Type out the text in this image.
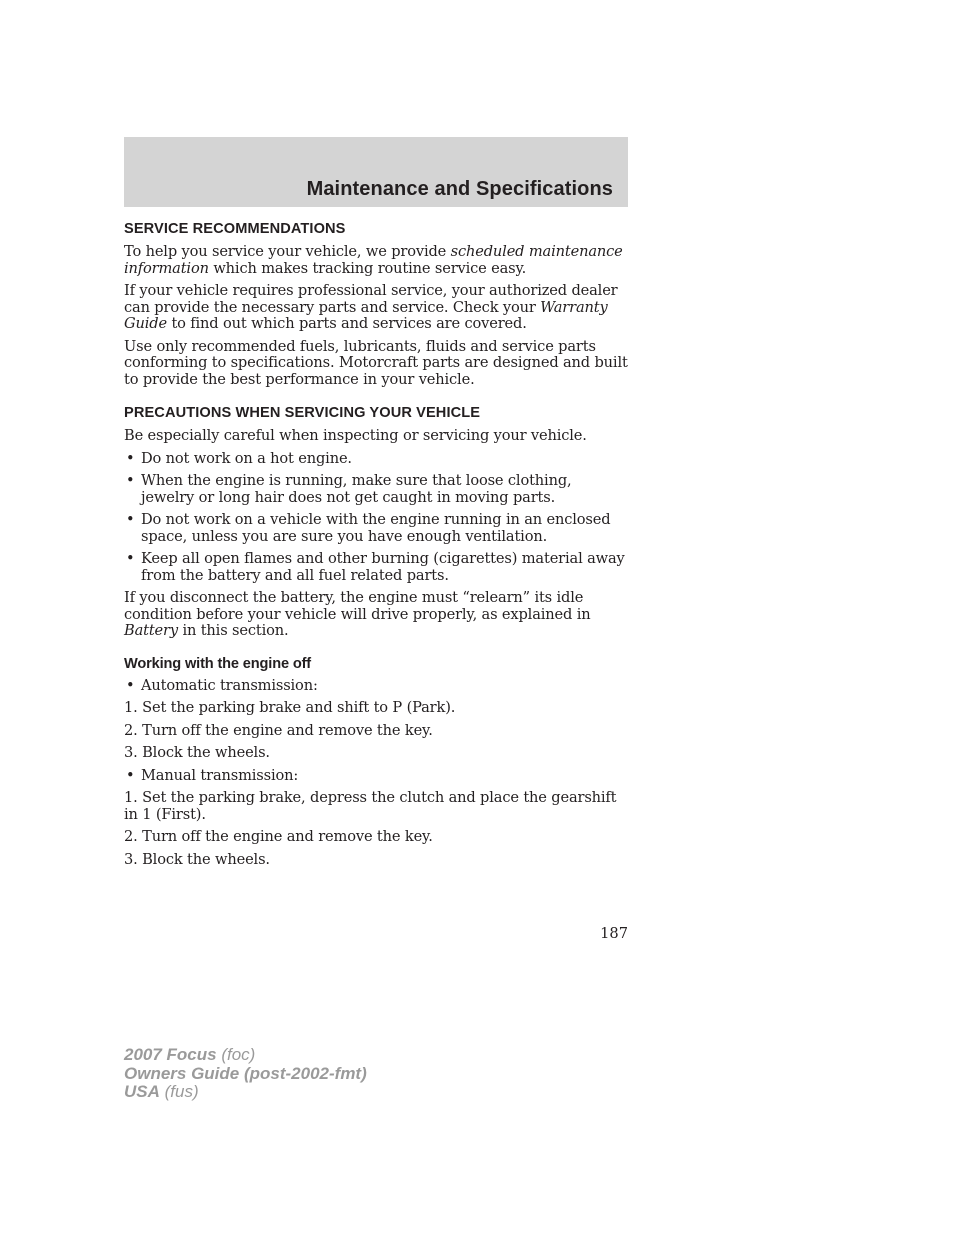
Maintenance and Specifications
SERVICE RECOMMENDATIONS

To help you service your vehicle, we provide scheduled maintenance information which makes tracking routine service easy.

If your vehicle requires professional service, your authorized dealer can provide the necessary parts and service. Check your Warranty Guide to find out which parts and services are covered.

Use only recommended fuels, lubricants, fluids and service parts conforming to specifications. Motorcraft parts are designed and built to provide the best performance in your vehicle.

PRECAUTIONS WHEN SERVICING YOUR VEHICLE

Be especially careful when inspecting or servicing your vehicle.

• Do not work on a hot engine.
• When the engine is running, make sure that loose clothing, jewelry or long hair does not get caught in moving parts.
• Do not work on a vehicle with the engine running in an enclosed space, unless you are sure you have enough ventilation.
• Keep all open flames and other burning (cigarettes) material away from the battery and all fuel related parts.

If you disconnect the battery, the engine must “relearn” its idle condition before your vehicle will drive properly, as explained in Battery in this section.

Working with the engine off
• Automatic transmission:
1. Set the parking brake and shift to P (Park).
2. Turn off the engine and remove the key.
3. Block the wheels.
• Manual transmission:
1. Set the parking brake, depress the clutch and place the gearshift in 1 (First).
2. Turn off the engine and remove the key.
3. Block the wheels.
187
2007 Focus (foc)
Owners Guide (post-2002-fmt)
USA (fus)
